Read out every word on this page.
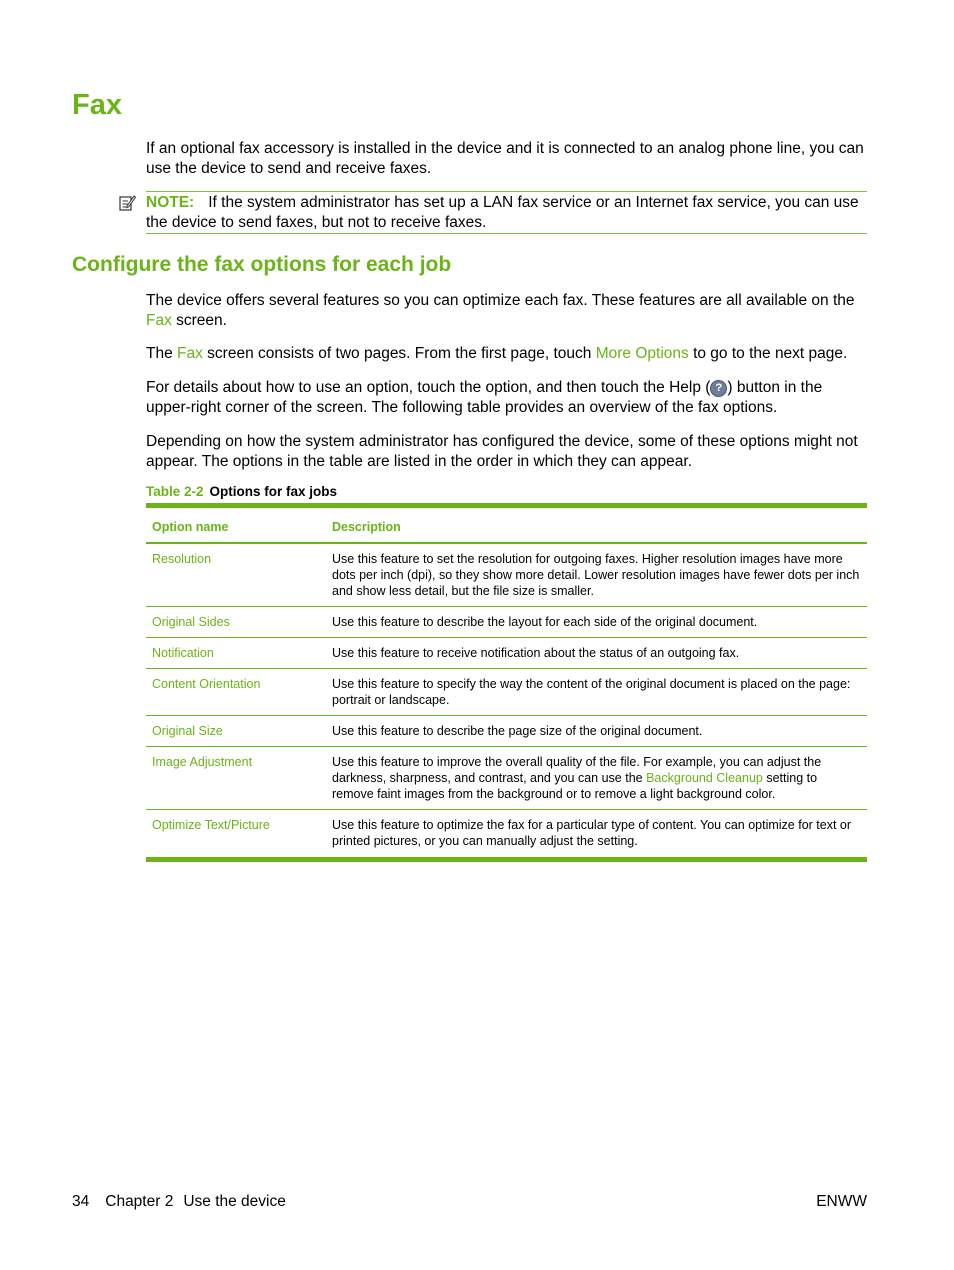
Fax

If an optional fax accessory is installed in the device and it is connected to an analog phone line, you can use the device to send and receive faxes.

NOTE: If the system administrator has set up a LAN fax service or an Internet fax service, you can use the device to send faxes, but not to receive faxes.
Configure the fax options for each job

The device offers several features so you can optimize each fax. These features are all available on the Fax screen.

The Fax screen consists of two pages. From the first page, touch More Options to go to the next page.

For details about how to use an option, touch the option, and then touch the Help ( ? ) button in the upper-right corner of the screen. The following table provides an overview of the fax options.

Depending on how the system administrator has configured the device, some of these options might not appear. The options in the table are listed in the order in which they can appear.

Table 2-2 Options for fax jobs
Option name	Description
Resolution	Use this feature to set the resolution for outgoing faxes. Higher resolution images have more dots per inch (dpi), so they show more detail. Lower resolution images have fewer dots per inch and show less detail, but the file size is smaller.
Original Sides	Use this feature to describe the layout for each side of the original document.
Notification	Use this feature to receive notification about the status of an outgoing fax.
Content Orientation	Use this feature to specify the way the content of the original document is placed on the page: portrait or landscape.
Original Size	Use this feature to describe the page size of the original document.
Image Adjustment	Use this feature to improve the overall quality of the file. For example, you can adjust the darkness, sharpness, and contrast, and you can use the Background Cleanup setting to remove faint images from the background or to remove a light background color.
Optimize Text/Picture	Use this feature to optimize the fax for a particular type of content. You can optimize for text or printed pictures, or you can manually adjust the setting.
34 Chapter 2 Use the device	ENWW
